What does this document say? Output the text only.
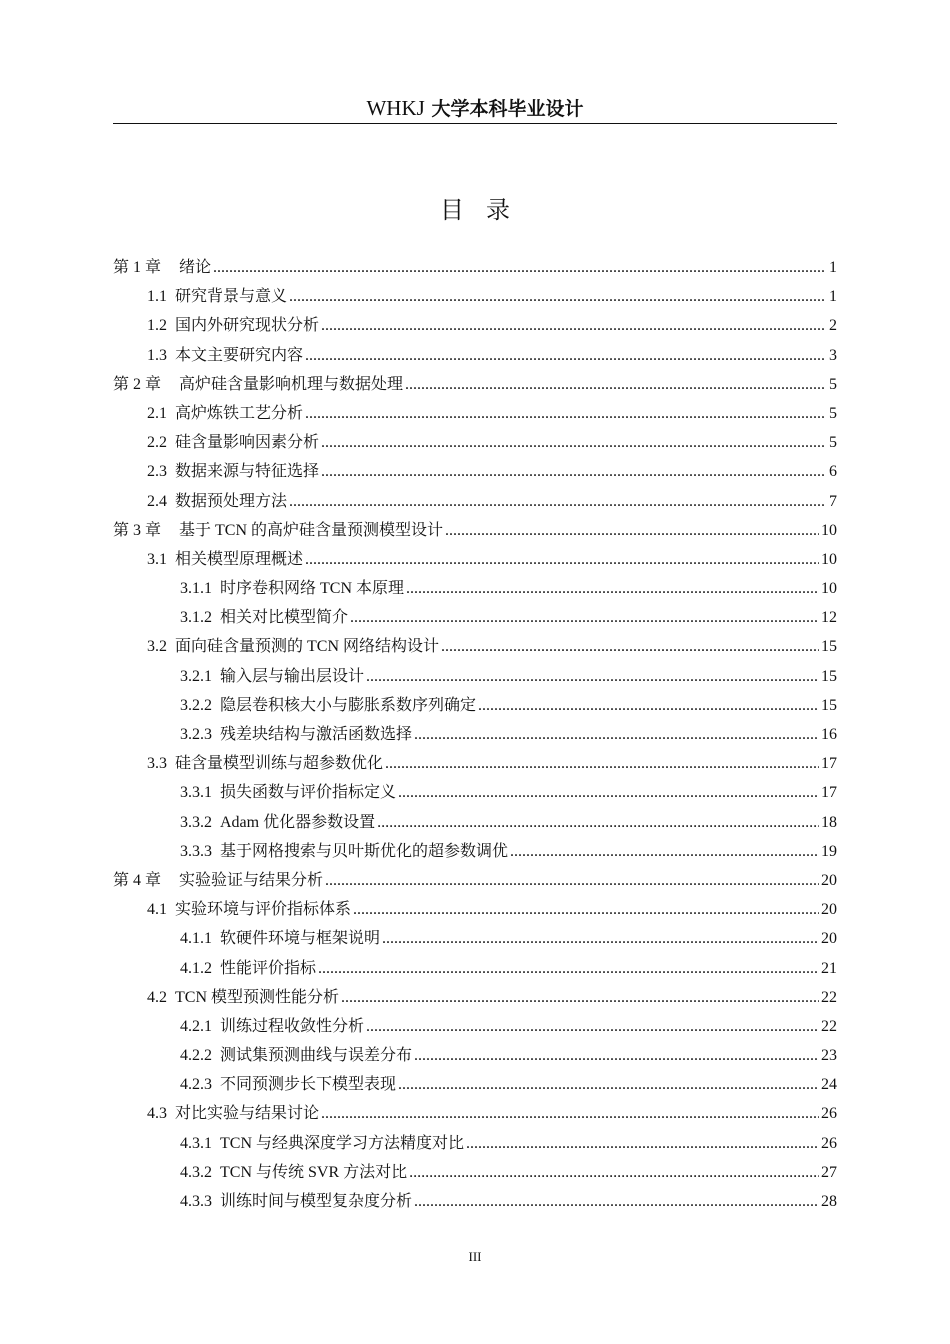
WHKJ 大学本科毕业设计
目录
第 1 章 绪论 .....	1
1.1 研究背景与意义 .....	1
1.2 国内外研究现状分析 .....	2
1.3 本文主要研究内容 .....	3
第 2 章 高炉硅含量影响机理与数据处理 .....	5
2.1 高炉炼铁工艺分析 .....	5
2.2 硅含量影响因素分析 .....	5
2.3 数据来源与特征选择 .....	6
2.4 数据预处理方法 .....	7
第 3 章 基于 TCN 的高炉硅含量预测模型设计 .....	10
3.1 相关模型原理概述 .....	10
3.1.1 时序卷积网络 TCN 本原理 .....	10
3.1.2 相关对比模型简介 .....	12
3.2 面向硅含量预测的 TCN 网络结构设计 .....	15
3.2.1 输入层与输出层设计 .....	15
3.2.2 隐层卷积核大小与膨胀系数序列确定 .....	15
3.2.3 残差块结构与激活函数选择 .....	16
3.3 硅含量模型训练与超参数优化 .....	17
3.3.1 损失函数与评价指标定义 .....	17
3.3.2 Adam 优化器参数设置 .....	18
3.3.3 基于网格搜索与贝叶斯优化的超参数调优 .....	19
第 4 章 实验验证与结果分析 .....	20
4.1 实验环境与评价指标体系 .....	20
4.1.1 软硬件环境与框架说明 .....	20
4.1.2 性能评价指标 .....	21
4.2 TCN 模型预测性能分析 .....	22
4.2.1 训练过程收敛性分析 .....	22
4.2.2 测试集预测曲线与误差分布 .....	23
4.2.3 不同预测步长下模型表现 .....	24
4.3 对比实验与结果讨论 .....	26
4.3.1 TCN 与经典深度学习方法精度对比 .....	26
4.3.2 TCN 与传统 SVR 方法对比 .....	27
4.3.3 训练时间与模型复杂度分析 .....	28
III
